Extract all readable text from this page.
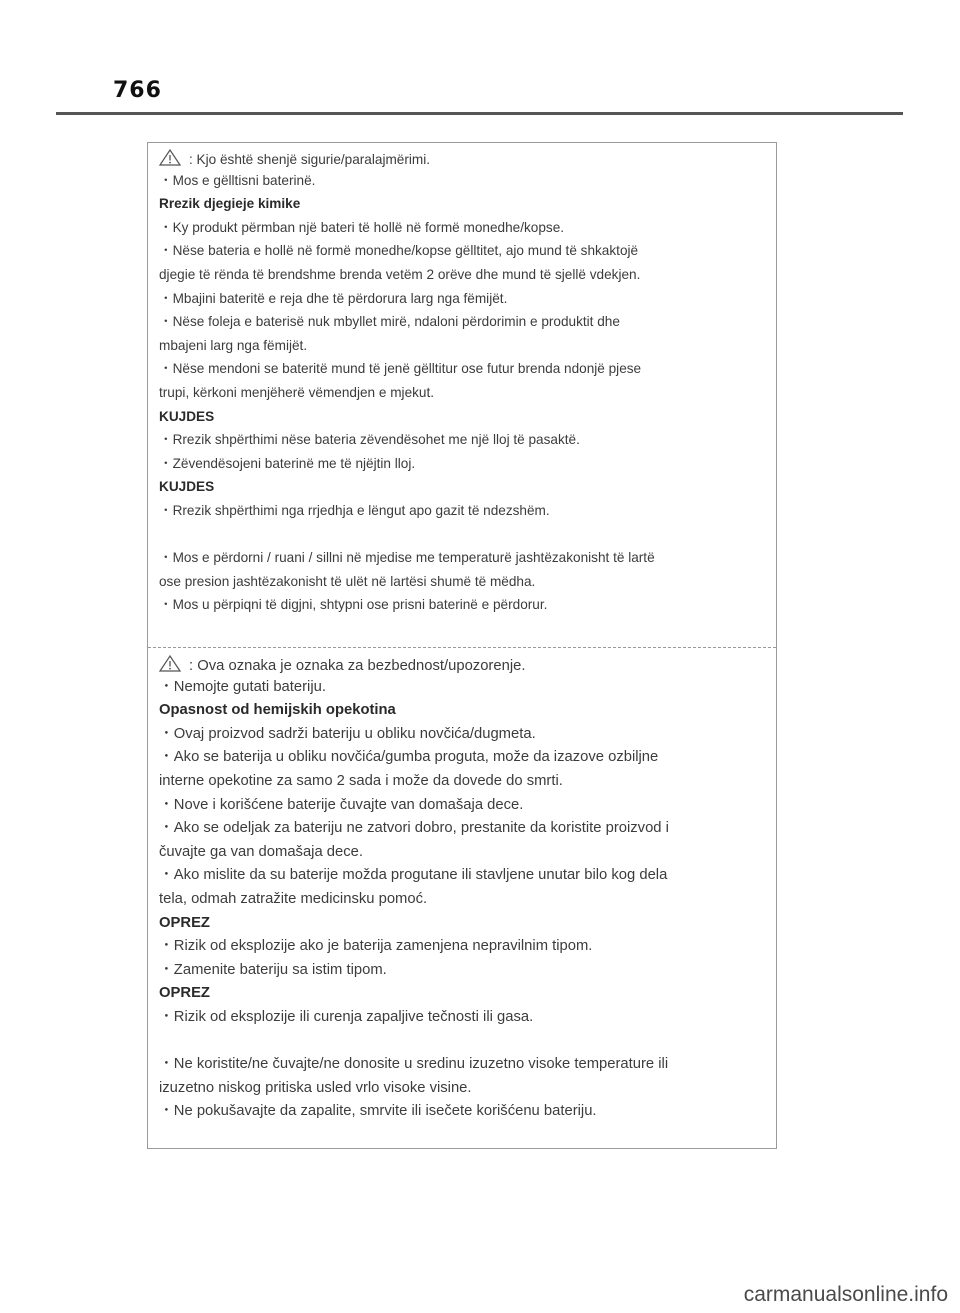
766
: Kjo është shenjë sigurie/paralajmërimi.
・Mos e gëlltisni baterinë.
Rrezik djegieje kimike
・Ky produkt përmban një bateri të hollë në formë monedhe/kopse.
・Nëse bateria e hollë në formë monedhe/kopse gëlltitet, ajo mund të shkaktojë
djegie të rënda të brendshme brenda vetëm 2 orëve dhe mund të sjellë vdekjen.
・Mbajini bateritë e reja dhe të përdorura larg nga fëmijët.
・Nëse foleja e baterisë nuk mbyllet mirë, ndaloni përdorimin e produktit dhe
mbajeni larg nga fëmijët.
・Nëse mendoni se bateritë mund të jenë gëlltitur ose futur brenda ndonjë pjese
trupi, kërkoni menjëherë vëmendjen e mjekut.
KUJDES
・Rrezik shpërthimi nëse bateria zëvendësohet me një lloj të pasaktë.
・Zëvendësojeni baterinë me të njëjtin lloj.
KUJDES
・Rrezik shpërthimi nga rrjedhja e lëngut apo gazit të ndezshëm.
・Mos e përdorni / ruani / sillni në mjedise me temperaturë jashtëzakonisht të lartë
ose presion jashtëzakonisht të ulët në lartësi shumë të mëdha.
・Mos u përpiqni të digjni, shtypni ose prisni baterinë e përdorur.
: Ova oznaka je oznaka za bezbednost/upozorenje.
・Nemojte gutati bateriju.
Opasnost od hemijskih opekotina
・Ovaj proizvod sadrži bateriju u obliku novčića/dugmeta.
・Ako se baterija u obliku novčića/gumba proguta, može da izazove ozbiljne
interne opekotine za samo 2 sada i može da dovede do smrti.
・Nove i korišćene baterije čuvajte van domašaja dece.
・Ako se odeljak za bateriju ne zatvori dobro, prestanite da koristite proizvod i
čuvajte ga van domašaja dece.
・Ako mislite da su baterije možda progutane ili stavljene unutar bilo kog dela
tela, odmah zatražite medicinsku pomoć.
OPREZ
・Rizik od eksplozije ako je baterija zamenjena nepravilnim tipom.
・Zamenite bateriju sa istim tipom.
OPREZ
・Rizik od eksplozije ili curenja zapaljive tečnosti ili gasa.
・Ne koristite/ne čuvajte/ne donosite u sredinu izuzetno visoke temperature ili
izuzetno niskog pritiska usled vrlo visoke visine.
・Ne pokušavajte da zapalite, smrvite ili isečete korišćenu bateriju.
carmanualsonline.info
